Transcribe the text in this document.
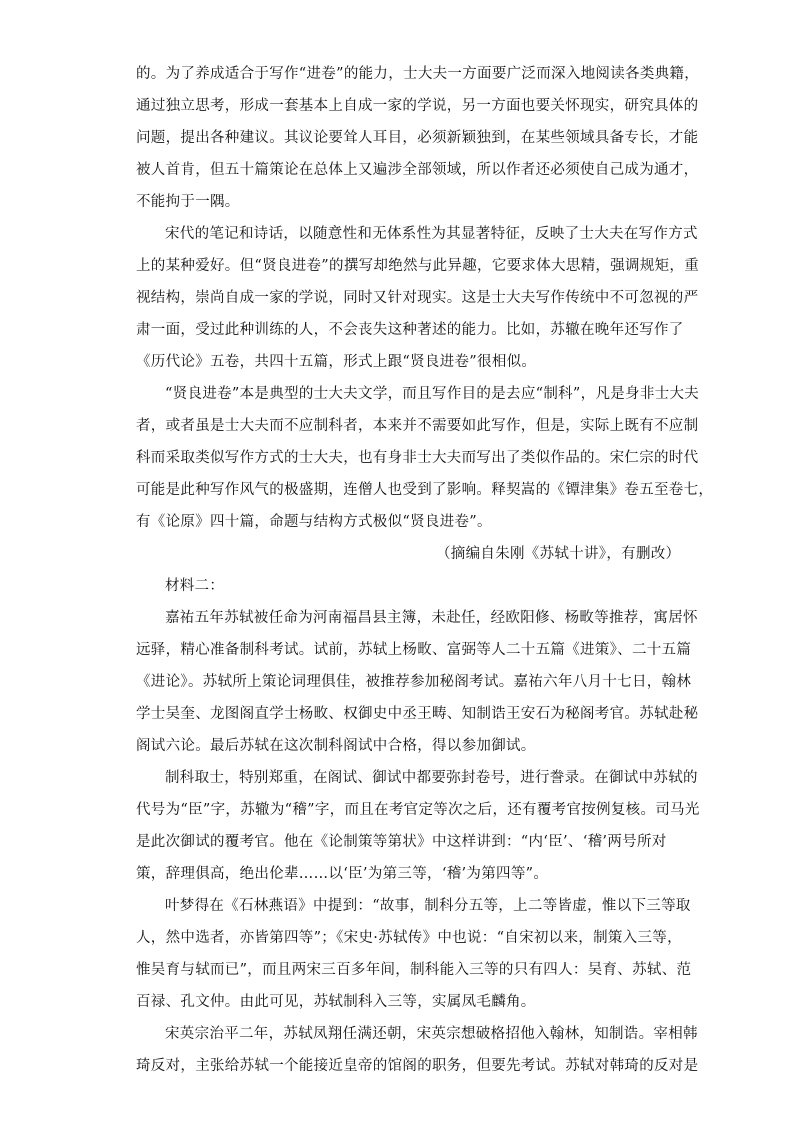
的。为了养成适合于写作“进卷”的能力，士大夫一方面要广泛而深入地阅读各类典籍，
通过独立思考，形成一套基本上自成一家的学说，另一方面也要关怀现实，研究具体的
问题，提出各种建议。其议论要耸人耳目，必须新颖独到，在某些领域具备专长，才能
被人首肯，但五十篇策论在总体上又遍涉全部领域，所以作者还必须使自己成为通才，
不能拘于一隅。
宋代的笔记和诗话，以随意性和无体系性为其显著特征，反映了士大夫在写作方式
上的某种爱好。但“贤良进卷”的撰写却绝然与此异趣，它要求体大思精，强调规矩，重
视结构，崇尚自成一家的学说，同时又针对现实。这是士大夫写作传统中不可忽视的严
肃一面，受过此种训练的人，不会丧失这种著述的能力。比如，苏辙在晚年还写作了
《历代论》五卷，共四十五篇，形式上跟“贤良进卷”很相似。
“贤良进卷”本是典型的士大夫文学，而且写作目的是去应“制科”，凡是身非士大夫
者，或者虽是士大夫而不应制科者，本来并不需要如此写作，但是，实际上既有不应制
科而采取类似写作方式的士大夫，也有身非士大夫而写出了类似作品的。宋仁宗的时代
可能是此种写作风气的极盛期，连僧人也受到了影响。释契嵩的《镡津集》卷五至卷七，
有《论原》四十篇，命题与结构方式极似“贤良进卷”。
（摘编自朱刚《苏轼十讲》，有删改）
材料二：
嘉祐五年苏轼被任命为河南福昌县主簿，未赴任，经欧阳修、杨畋等推荐，寓居怀
远驿，精心准备制科考试。试前，苏轼上杨畋、富弼等人二十五篇《进策》、二十五篇
《进论》。苏轼所上策论词理俱佳，被推荐参加秘阁考试。嘉祐六年八月十七日，翰林
学士吴奎、龙图阁直学士杨畋、权御史中丞王畴、知制诰王安石为秘阁考官。苏轼赴秘
阁试六论。最后苏轼在这次制科阁试中合格，得以参加御试。
制科取士，特别郑重，在阁试、御试中都要弥封卷号，进行誊录。在御试中苏轼的
代号为“臣”字，苏辙为“稽”字，而且在考官定等次之后，还有覆考官按例复核。司马光
是此次御试的覆考官。他在《论制策等第状》中这样讲到：“内‘臣’、‘稽’两号所对
策，辞理俱高，绝出伦辈……以‘臣’为第三等，‘稽’为第四等”。
叶梦得在《石林燕语》中提到：“故事，制科分五等，上二等皆虚，惟以下三等取
人，然中选者，亦皆第四等”；《宋史·苏轼传》中也说：“自宋初以来，制策入三等，
惟吴育与轼而已”，而且两宋三百多年间，制科能入三等的只有四人：吴育、苏轼、范
百禄、孔文仲。由此可见，苏轼制科入三等，实属凤毛麟角。
宋英宗治平二年，苏轼凤翔任满还朝，宋英宗想破格招他入翰林，知制诰。宰相韩
琦反对，主张给苏轼一个能接近皇帝的馆阁的职务，但要先考试。苏轼对韩琦的反对是
